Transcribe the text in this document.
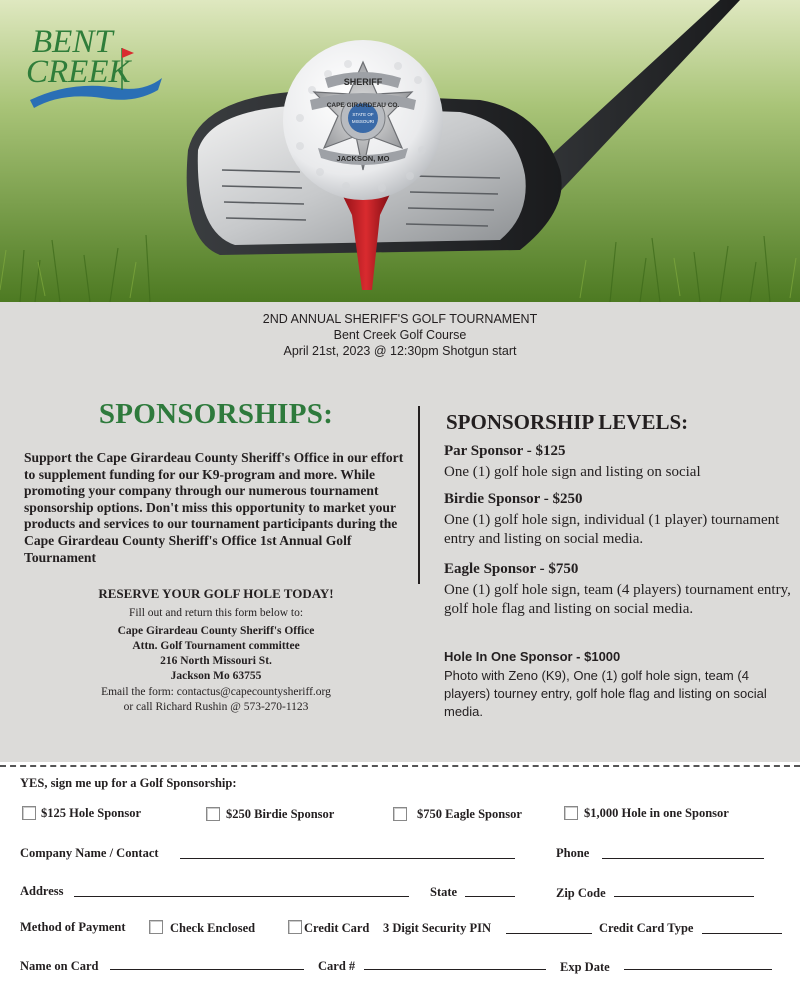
SHERIFF
CAPE GIRARDEAU CO.
STATE OF
MISSOURI
JACKSON, MO
BENT
CREEK
2ND ANNUAL SHERIFF'S GOLF TOURNAMENT
Bent Creek Golf Course
April 21st, 2023 @ 12:30pm Shotgun start
SPONSORSHIPS:
Support the Cape Girardeau County Sheriff's Office in our effort to supplement funding for our K9-program and more. While promoting your company through our numerous tournament sponsorship options. Don't miss this opportunity to market your products and services to our tournament participants during the Cape Girardeau County Sheriff's Office 1st Annual Golf Tournament
RESERVE YOUR GOLF HOLE TODAY!
Fill out and return this form below to:
Cape Girardeau County Sheriff's Office
Attn. Golf Tournament committee
216 North Missouri St.
Jackson Mo 63755
Email the form: contactus@capecountysheriff.org
or call Richard Rushin @ 573-270-1123
SPONSORSHIP LEVELS:
Par Sponsor - $125
One (1) golf hole sign and listing on social
Birdie Sponsor - $250
One (1) golf hole sign, individual (1 player) tournament entry and listing on social media.
Eagle Sponsor - $750
One (1) golf hole sign, team (4 players) tournament entry, golf hole flag and listing on social media.
Hole In One Sponsor - $1000
Photo with Zeno (K9), One (1) golf hole sign, team (4 players) tourney entry, golf hole flag and listing on social media.
YES, sign me up for a Golf Sponsorship:
$125 Hole Sponsor	$250 Birdie Sponsor	$750 Eagle Sponsor	$1,000 Hole in one Sponsor
Company Name / Contact	Phone
Address	State	Zip Code
Method of Payment	Check Enclosed	Credit Card 3 Digit Security PIN	Credit Card Type
Name on Card	Card #	Exp Date
